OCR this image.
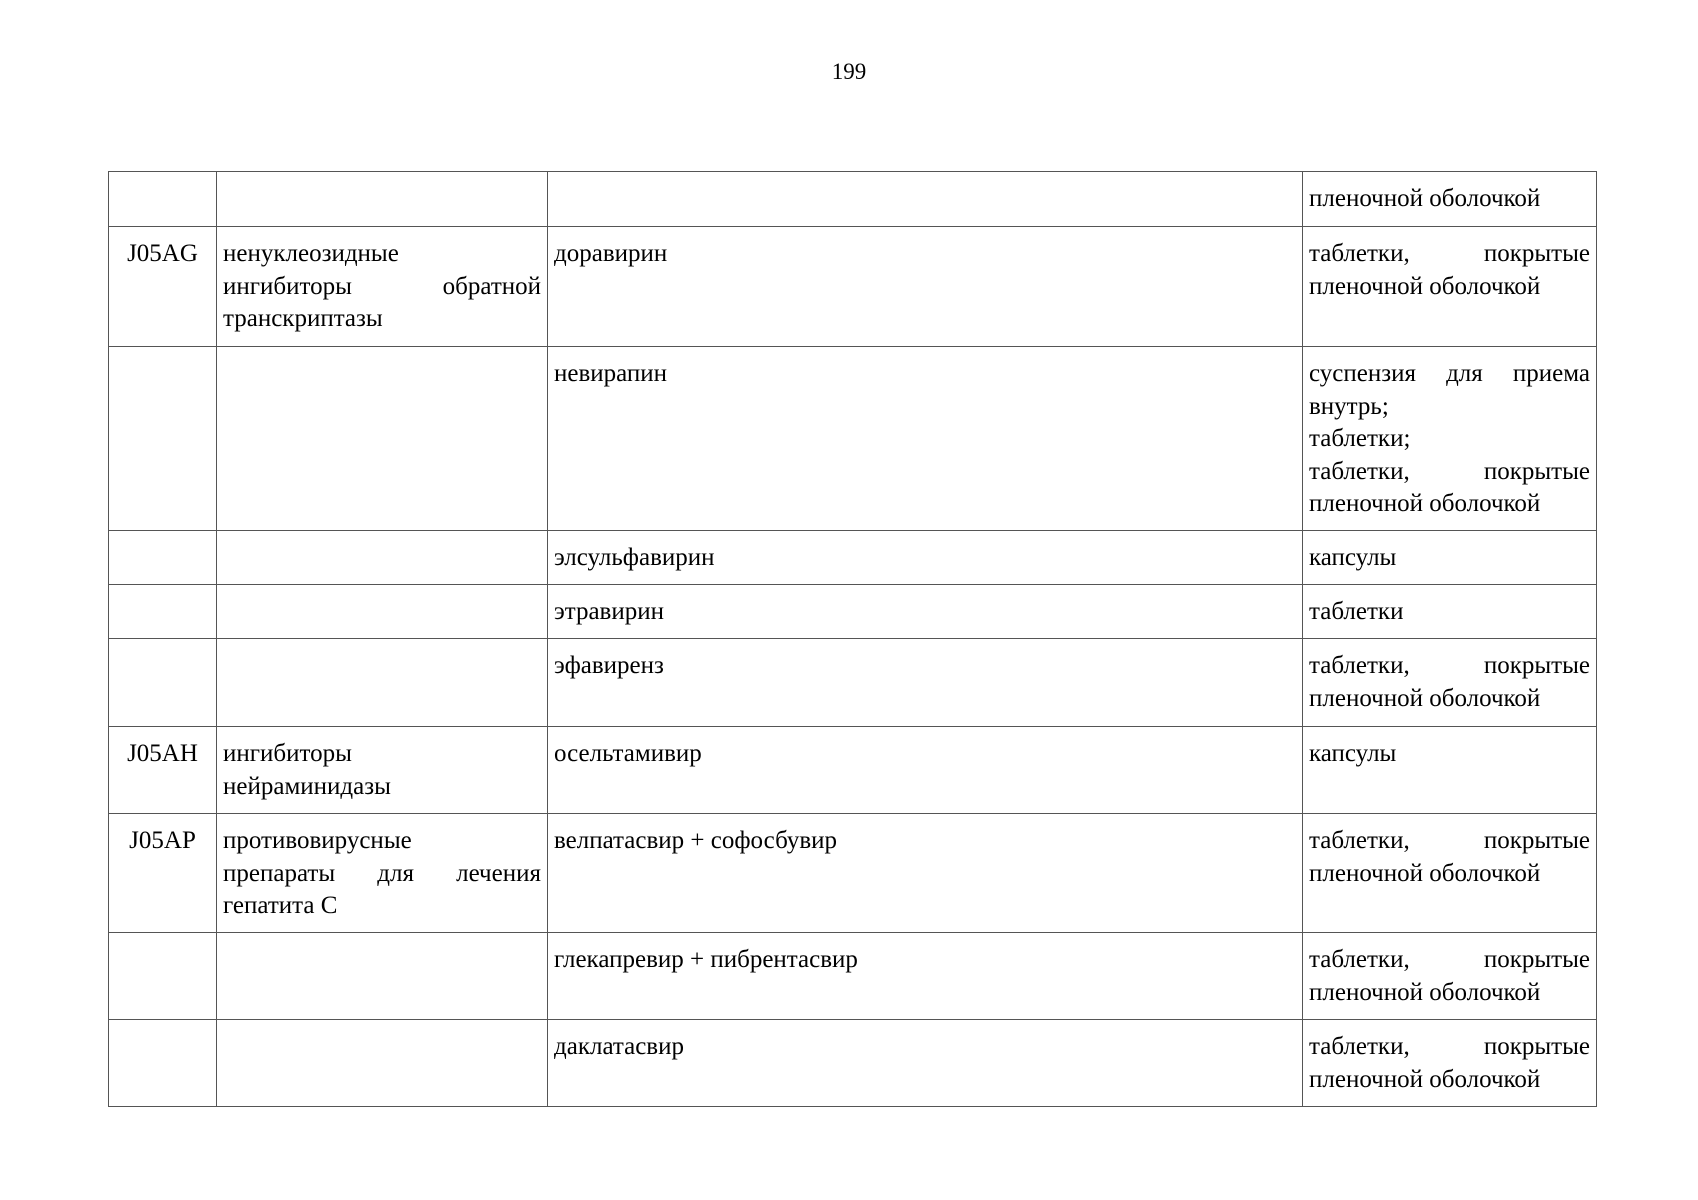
199

			пленочной оболочкой

J05AG	ненуклеозидные
ингибиторы обратной
транскриптазы	доравирин	таблетки, покрытые
пленочной оболочкой

		невирапин	суспензия для приема
внутрь;
таблетки;
таблетки, покрытые
пленочной оболочкой

		элсульфавирин	капсулы

		этравирин	таблетки

		эфавиренз	таблетки, покрытые
пленочной оболочкой

J05AH	ингибиторы
нейраминидазы	осельтамивир	капсулы

J05AP	противовирусные
препараты для лечения
гепатита С	велпатасвир + софосбувир	таблетки, покрытые
пленочной оболочкой

		глекапревир + пибрентасвир	таблетки, покрытые
пленочной оболочкой

		даклатасвир	таблетки, покрытые
пленочной оболочкой
